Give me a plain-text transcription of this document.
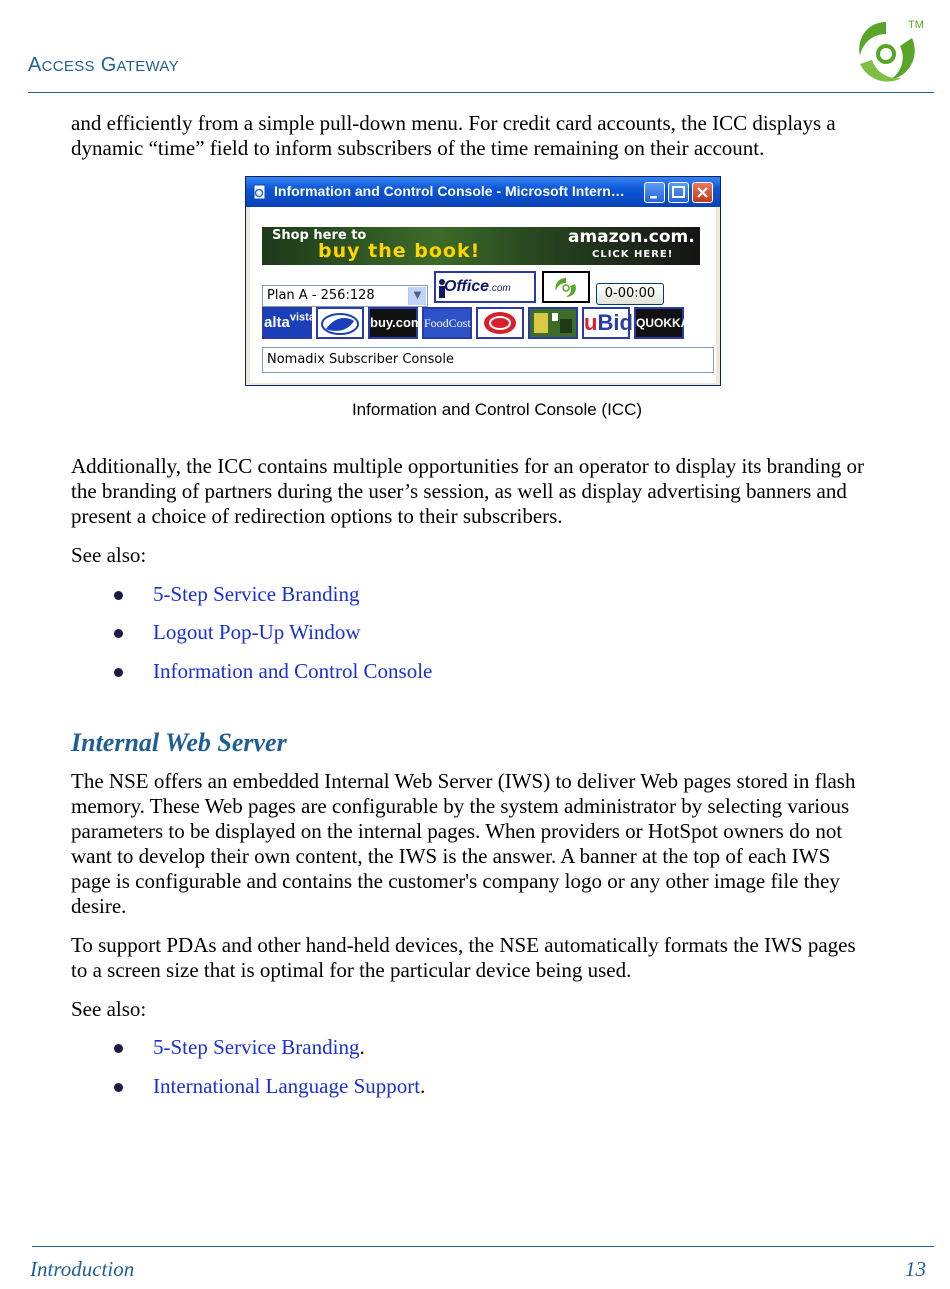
ACCESS GATEWAY
TM
and efficiently from a simple pull-down menu. For credit card accounts, the ICC displays a
dynamic “time” field to inform subscribers of the time remaining on their account.
Information and Control Console - Microsoft Intern…
Shop here to
buy the book!
amazon.com.
CLICK HERE!
Plan A - 256:128	▼
Office.com	0-00:00
alta$^{vista}$	buy.com FoodCost	uBid QUOKKA
Nomadix Subscriber Console
Information and Control Console (ICC)
Additionally, the ICC contains multiple opportunities for an operator to display its branding or
the branding of partners during the user’s session, as well as display advertising banners and
present a choice of redirection options to their subscribers.
See also:
5-Step Service Branding
Logout Pop-Up Window
Information and Control Console
Internal Web Server
The NSE offers an embedded Internal Web Server (IWS) to deliver Web pages stored in flash
memory. These Web pages are configurable by the system administrator by selecting various
parameters to be displayed on the internal pages. When providers or HotSpot owners do not
want to develop their own content, the IWS is the answer. A banner at the top of each IWS
page is configurable and contains the customer's company logo or any other image file they
desire.
To support PDAs and other hand-held devices, the NSE automatically formats the IWS pages
to a screen size that is optimal for the particular device being used.
See also:
5-Step Service Branding.
International Language Support.
Introduction	13
